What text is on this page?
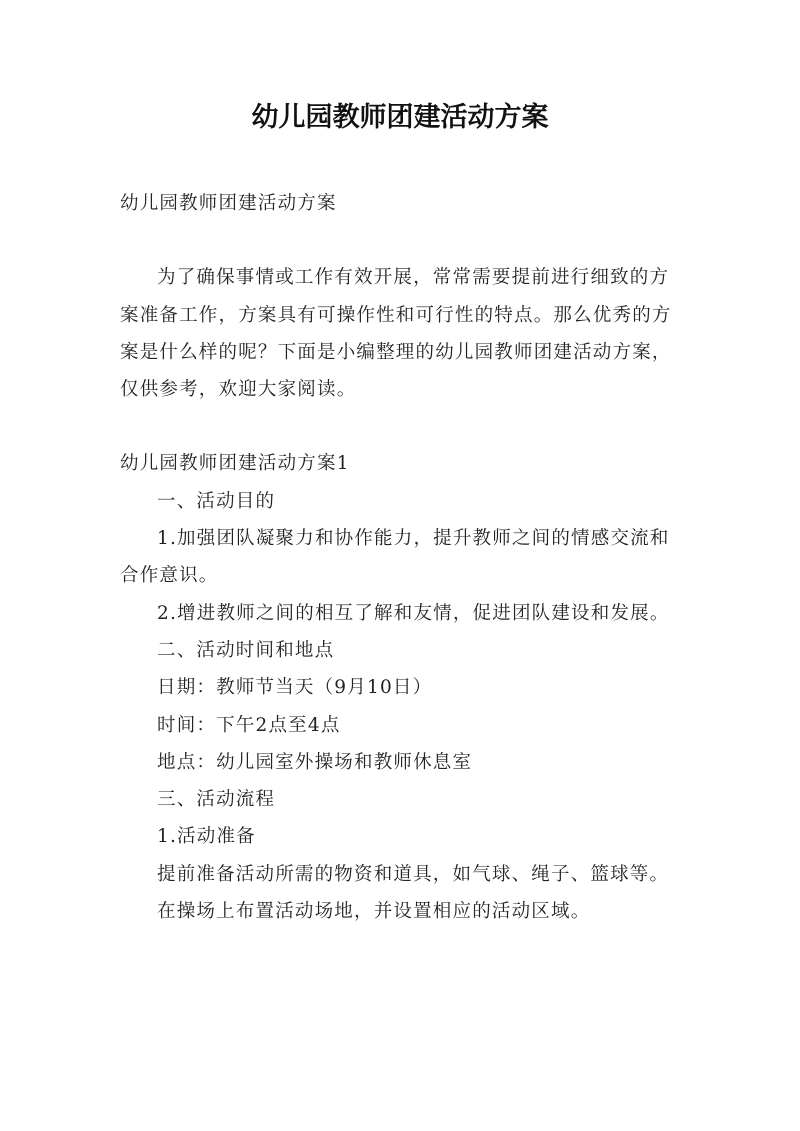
幼儿园教师团建活动方案

幼儿园教师团建活动方案

为了确保事情或工作有效开展，常常需要提前进行细致的方案准备工作，方案具有可操作性和可行性的特点。那么优秀的方案是什么样的呢？下面是小编整理的幼儿园教师团建活动方案，仅供参考，欢迎大家阅读。

幼儿园教师团建活动方案1

一、活动目的

1.加强团队凝聚力和协作能力，提升教师之间的情感交流和合作意识。

2.增进教师之间的相互了解和友情，促进团队建设和发展。

二、活动时间和地点

日期：教师节当天（9月10日）

时间：下午2点至4点

地点：幼儿园室外操场和教师休息室

三、活动流程

1.活动准备

提前准备活动所需的物资和道具，如气球、绳子、篮球等。

在操场上布置活动场地，并设置相应的活动区域。
